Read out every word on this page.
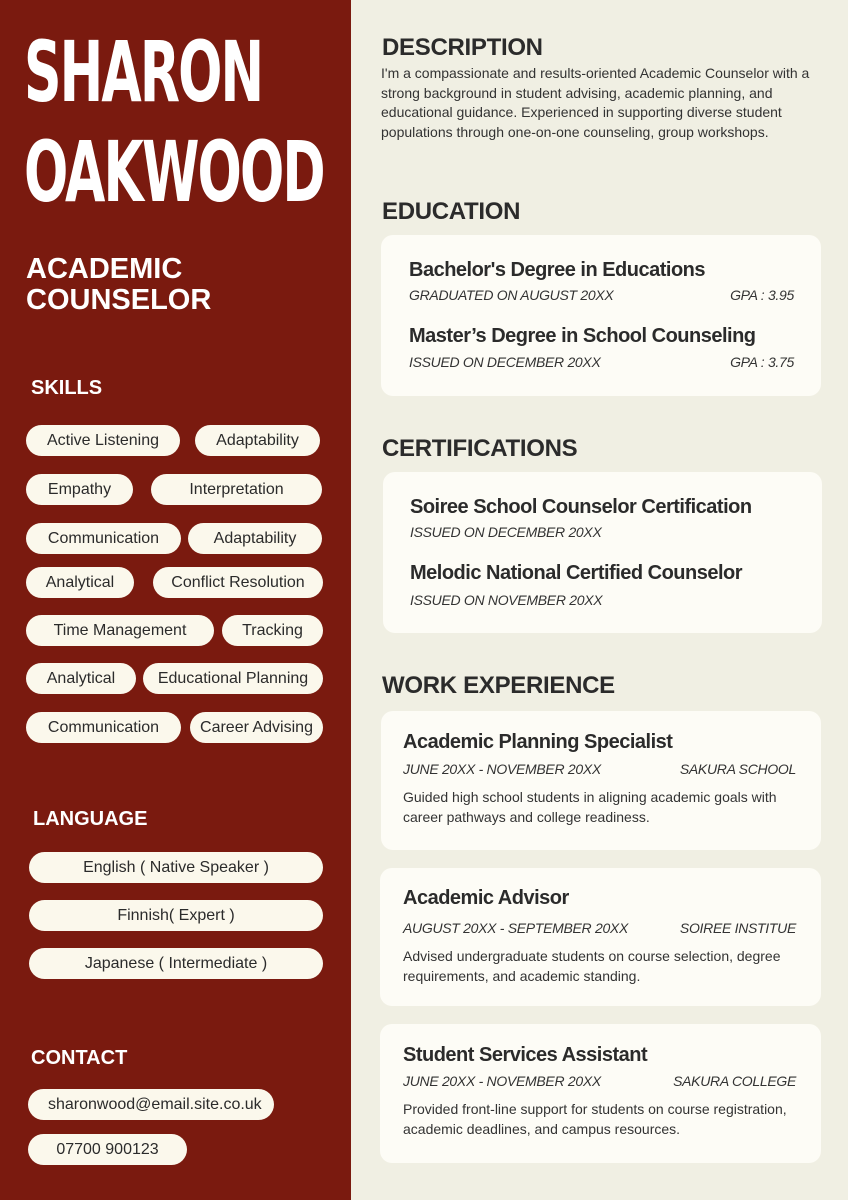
SHARON
OAKWOOD
ACADEMIC
COUNSELOR
SKILLS
Active Listening	Adaptability
Empathy	Interpretation
Communication	Adaptability
Analytical	Conflict Resolution
Time Management	Tracking
Analytical	Educational Planning
Communication	Career Advising
LANGUAGE
English ( Native Speaker )
Finnish( Expert )
Japanese ( Intermediate )
CONTACT
sharonwood@email.site.co.uk
07700 900123
DESCRIPTION
I'm a compassionate and results-oriented Academic Counselor with a strong background in student advising, academic planning, and educational guidance. Experienced in supporting diverse student populations through one-on-one counseling, group workshops.
EDUCATION
Bachelor's Degree in Educations
GRADUATED ON AUGUST 20XX	GPA : 3.95
Master’s Degree in School Counseling
ISSUED ON DECEMBER 20XX	GPA : 3.75
CERTIFICATIONS
Soiree School Counselor Certification
ISSUED ON DECEMBER 20XX
Melodic National Certified Counselor
ISSUED ON NOVEMBER 20XX
WORK EXPERIENCE
Academic Planning Specialist
JUNE 20XX - NOVEMBER 20XX	SAKURA SCHOOL
Guided high school students in aligning academic goals with career pathways and college readiness.
Academic Advisor
AUGUST 20XX - SEPTEMBER 20XX	SOIREE INSTITUE
Advised undergraduate students on course selection, degree requirements, and academic standing.
Student Services Assistant
JUNE 20XX - NOVEMBER 20XX	SAKURA COLLEGE
Provided front-line support for students on course registration, academic deadlines, and campus resources.
